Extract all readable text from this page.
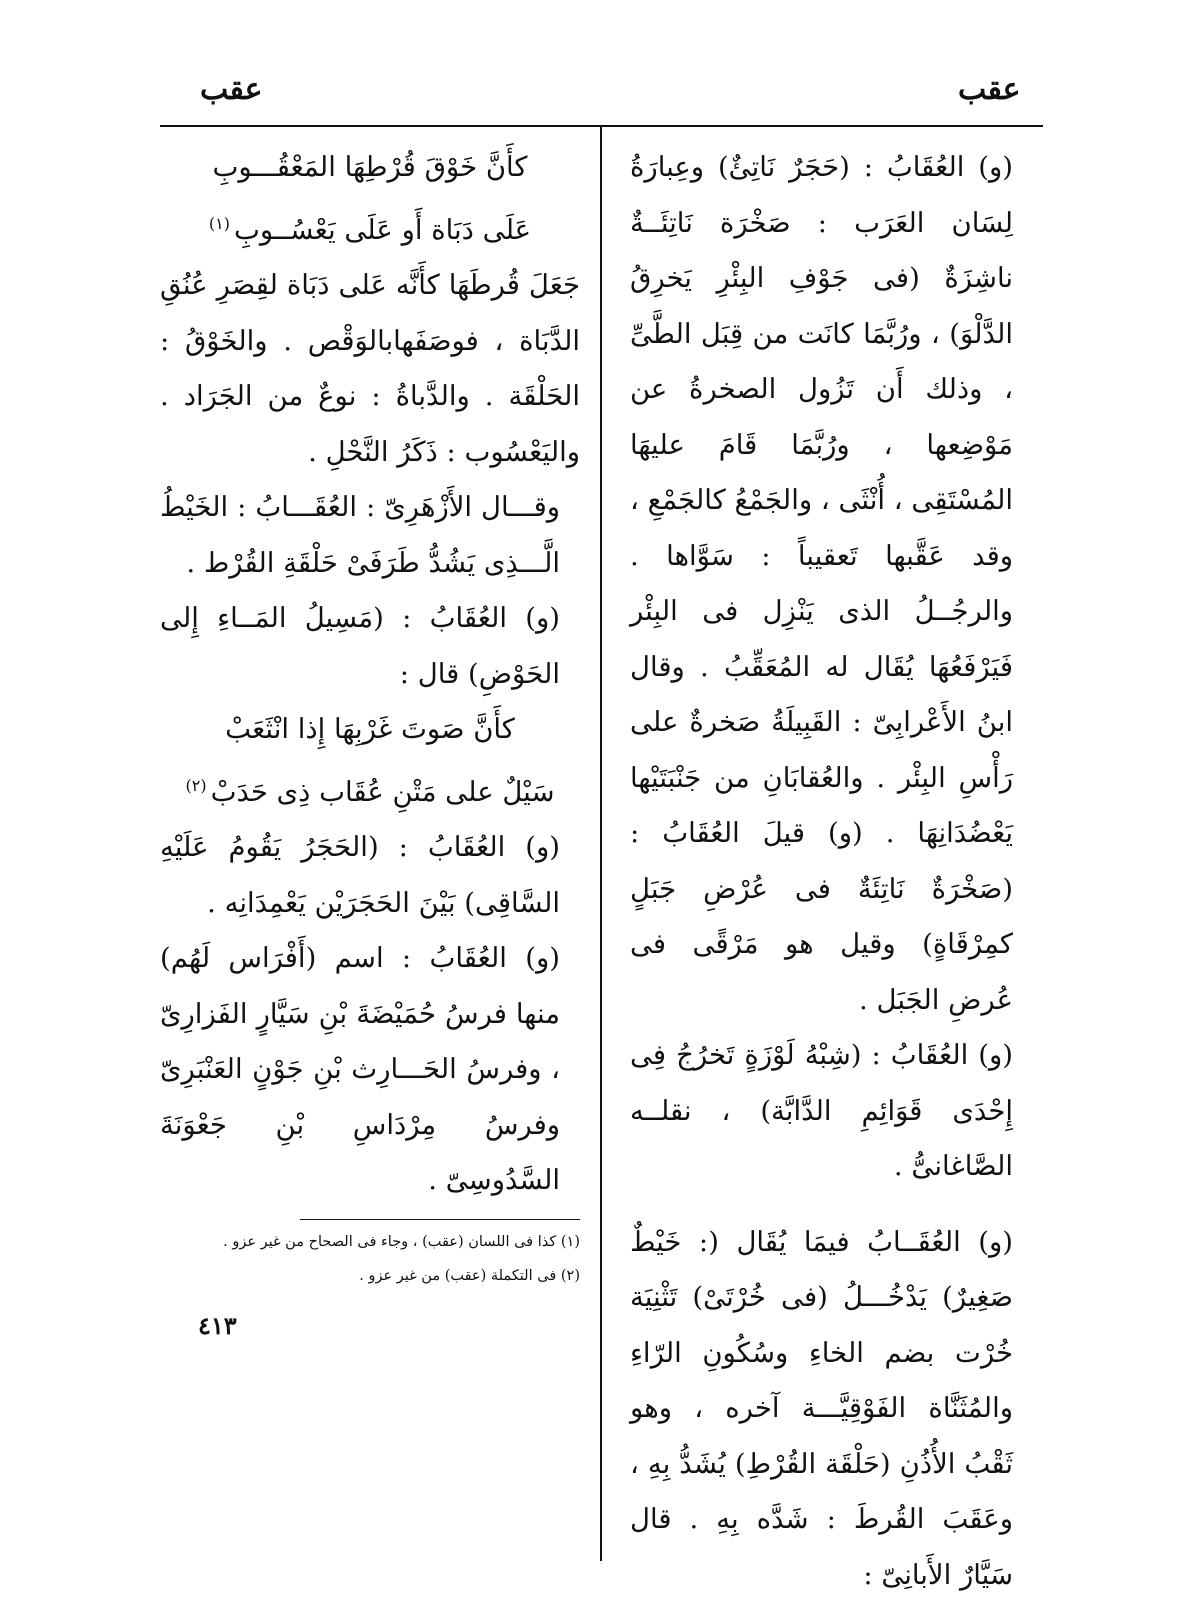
عقب
عقب

(و) العُقَابُ : (حَجَرٌ نَاتِئٌ) وعِبارَةُ لِسَان العَرَب : صَخْرَة نَاتِئَــةٌ ناشِزَةٌ (فى جَوْفِ البِئْرِ يَخرِقُ الدَّلْوَ) ، ورُبَّمَا كانَت من قِبَل الطَّىِّ ، وذلك أَن تَزُول الصخرةُ عن مَوْضِعها ، ورُبَّمَا قَامَ عليهَا المُسْتَقِى ، أُنْثَى ، والجَمْعُ كالجَمْعِ ، وقد عَقَّبها تَعقيباً : سَوَّاها . والرجُــلُ الذى يَنْزِل فى البِئْر فَيَرْفَعُهَا يُقَال له المُعَقِّبُ . وقال ابنُ الأَعْرابِىّ : القَبِيلَةُ صَخرةٌ على رَأْسِ البِئْر . والعُقابَانِ من جَنْبَتَيْها يَعْضُدَانِهَا . (و) قيلَ العُقَابُ : (صَخْرَةٌ نَاتِئَةٌ فى عُرْضِ جَبَلٍ كمِرْقَاةٍ) وقيل هو مَرْقًى فى عُرضِ الجَبَل .

(و) العُقَابُ : (شِبْهُ لَوْزَةٍ تَخرُجُ فِى إِحْدَى قَوَائِمِ الدَّابَّة) ، نقلــه الصَّاغانىُّ .

(و) العُقَــابُ فيمَا يُقَال (: خَيْطٌ صَغِيرٌ) يَدْخُـــلُ (فى خُرْتَىْ) تَثْنِيَة خُرْت بضم الخاءِ وسُكُونِ الرّاءِ والمُثَنَّاة الفَوْقِيَّـــة آخره ، وهو ثَقْبُ الأُذُنِ (حَلْقَة القُرْطِ) يُشَدُّ بِهِ ، وعَقَبَ القُرطَ : شَدَّه بِهِ . قال سَيَّارٌ الأَبانِىّ :

كأَنَّ خَوْقَ قُرْطِهَا المَعْقُـــوبِ

عَلَى دَبَاة أَو عَلَى يَعْسُــوبِ$^{(١)}$

جَعَلَ قُرطَهَا كأَنَّه عَلى دَبَاة لقِصَرِ عُنُقِ الدَّبَاة ، فوصَفَهابالوَقْص . والخَوْقُ : الحَلْقَة . والدَّباةُ : نوعٌ من الجَرَاد . واليَعْسُوب : ذَكَرُ النَّحْلِ .

وقـــال الأَزْهَرِىّ : العُقَـــابُ : الخَيْطُ الَّـــذِى يَشُدُّ طَرَفَىْ حَلْقَةِ القُرْط .

(و) العُقَابُ : (مَسِيلُ المَــاءِ إِلى الحَوْضِ) قال :

كأَنَّ صَوتَ غَرْبِهَا إِذا انْثَعَبْ

سَيْلٌ على مَتْنِ عُقَاب ذِى حَدَبْ$^{(٢)}$

(و) العُقَابُ : (الحَجَرُ يَقُومُ عَلَيْهِ السَّاقِى) بَيْنَ الحَجَرَيْن يَعْمِدَانِه .

(و) العُقَابُ : اسم (أَفْرَاس لَهُم) منها فرسُ حُمَيْضَةَ بْنِ سَيَّارٍ الفَزارِىّ ، وفرسُ الحَـــارِث بْنِ جَوْنٍ العَنْبَرِىّ وفرسُ مِرْدَاسِ بْنِ جَعْوَنَةَ السَّدُوسِىّ .

٤١٣

(١) كذا فى اللسان (عقب) ، وجاء فى الصحاح من غير عزو .

(٢) فى التكملة (عقب) من غير عزو .
